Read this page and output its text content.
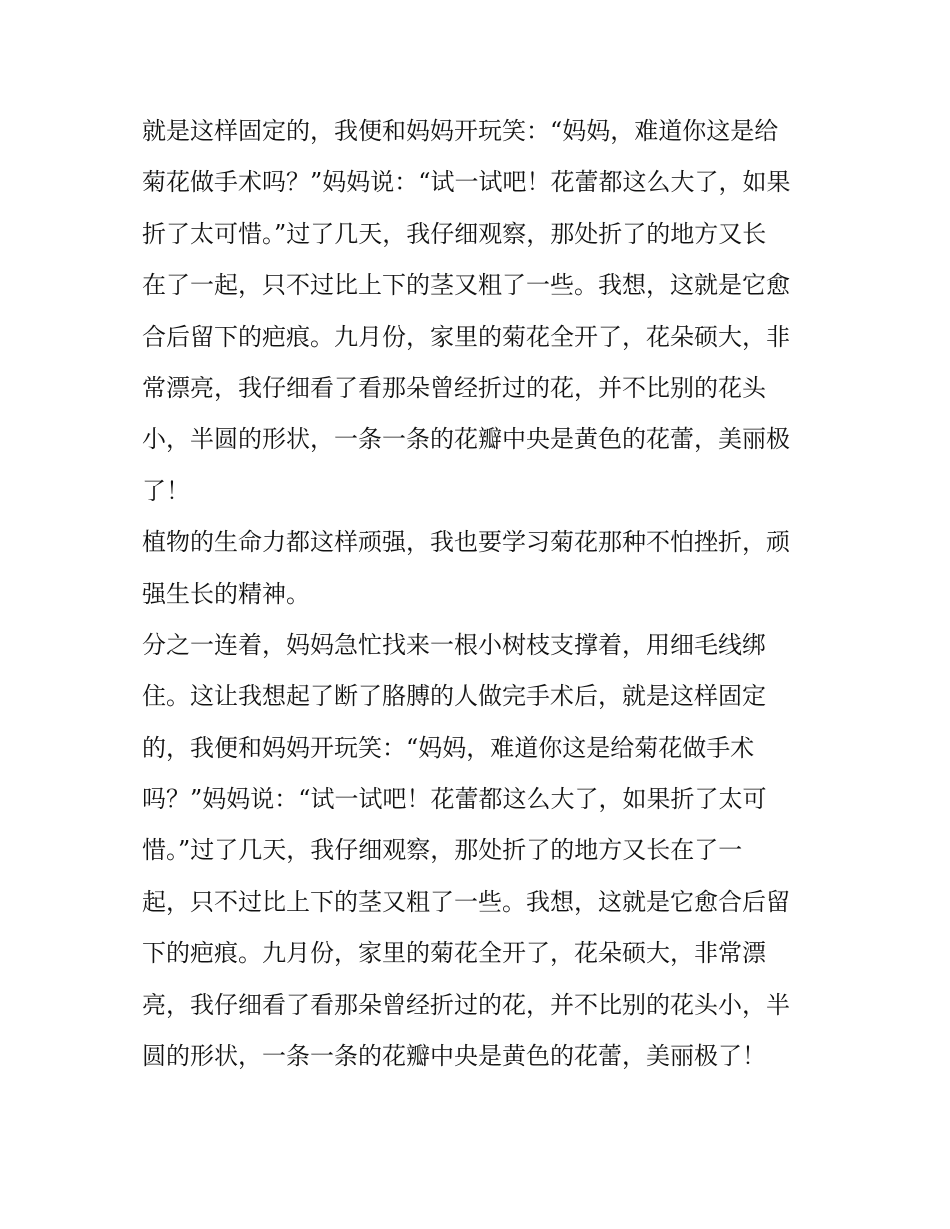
就是这样固定的，我便和妈妈开玩笑：“妈妈，难道你这是给
菊花做手术吗？”妈妈说：“试一试吧！花蕾都这么大了，如果
折了太可惜。”过了几天，我仔细观察，那处折了的地方又长
在了一起，只不过比上下的茎又粗了一些。我想，这就是它愈
合后留下的疤痕。九月份，家里的菊花全开了，花朵硕大，非
常漂亮，我仔细看了看那朵曾经折过的花，并不比别的花头
小，半圆的形状，一条一条的花瓣中央是黄色的花蕾，美丽极
了！
植物的生命力都这样顽强，我也要学习菊花那种不怕挫折，顽
强生长的精神。
分之一连着，妈妈急忙找来一根小树枝支撑着，用细毛线绑
住。这让我想起了断了胳膊的人做完手术后，就是这样固定
的，我便和妈妈开玩笑：“妈妈，难道你这是给菊花做手术
吗？”妈妈说：“试一试吧！花蕾都这么大了，如果折了太可
惜。”过了几天，我仔细观察，那处折了的地方又长在了一
起，只不过比上下的茎又粗了一些。我想，这就是它愈合后留
下的疤痕。九月份，家里的菊花全开了，花朵硕大，非常漂
亮，我仔细看了看那朵曾经折过的花，并不比别的花头小，半
圆的形状，一条一条的花瓣中央是黄色的花蕾，美丽极了！
